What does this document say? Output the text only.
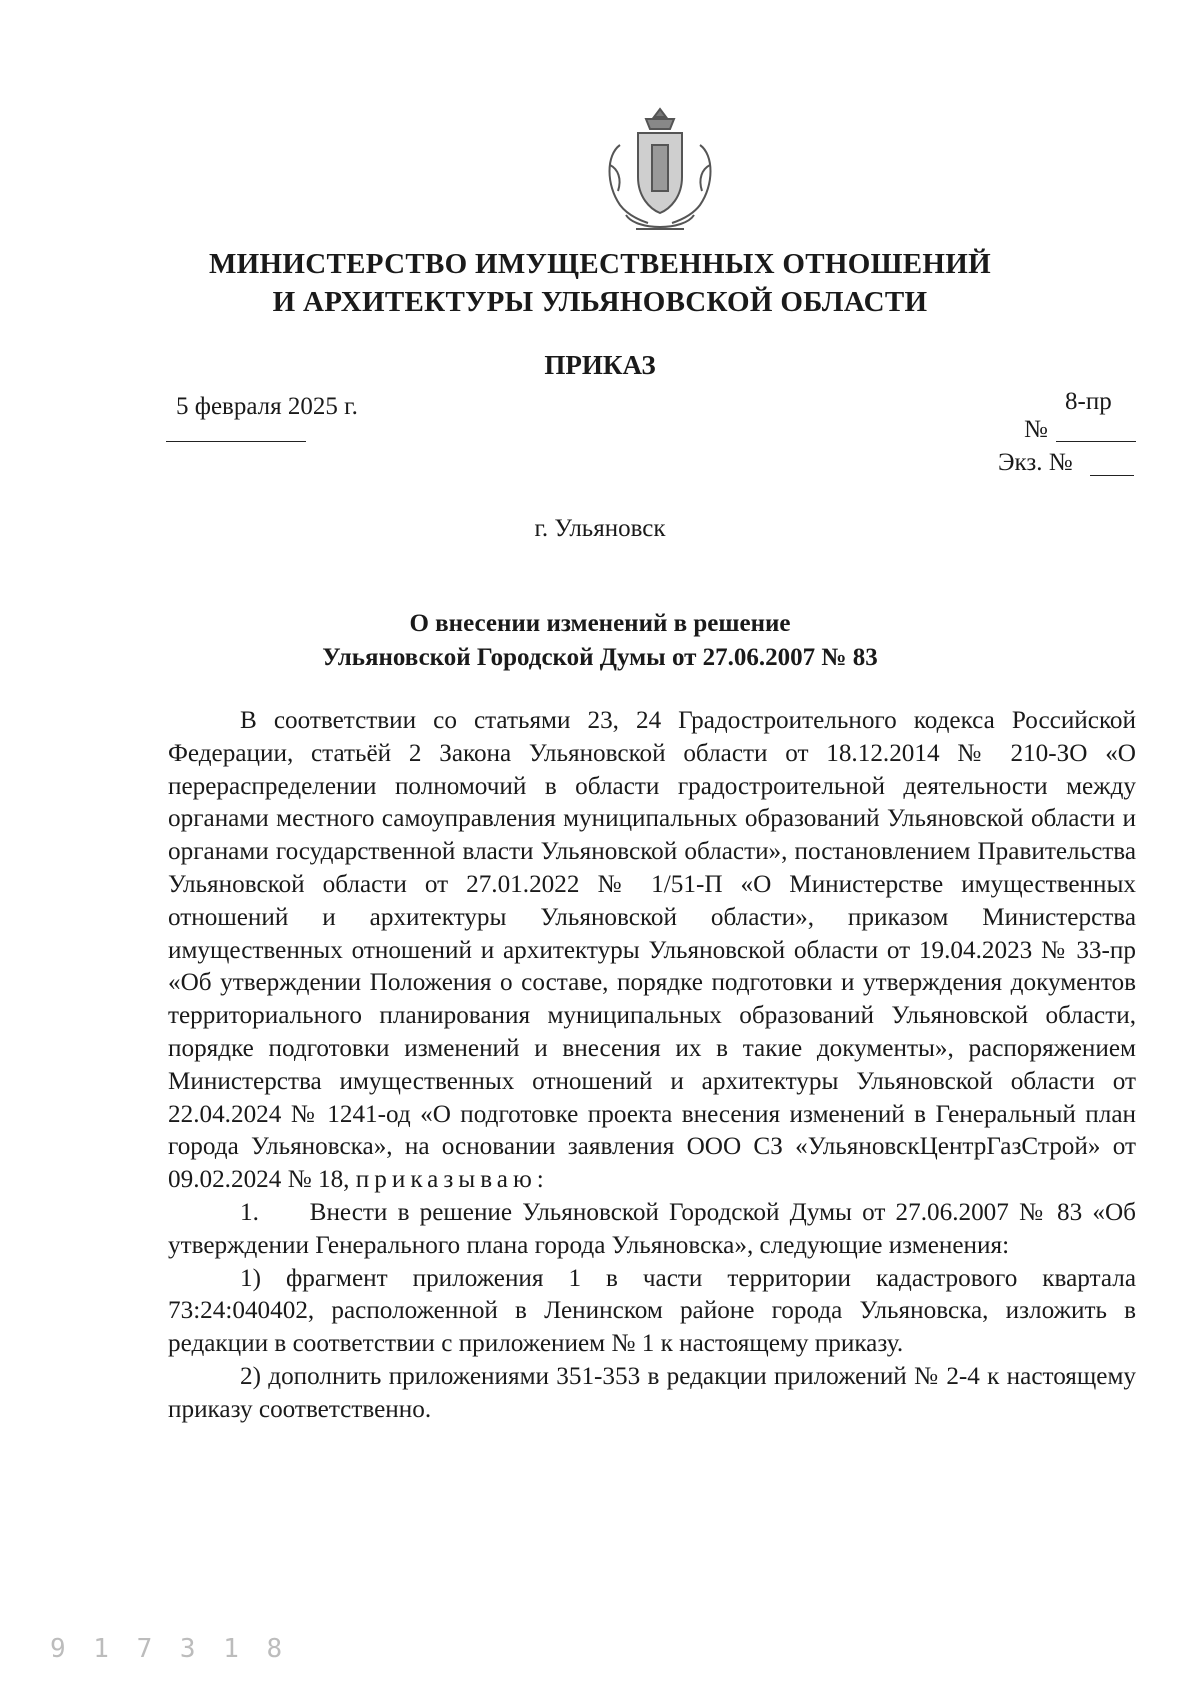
МИНИСТЕРСТВО ИМУЩЕСТВЕННЫХ ОТНОШЕНИЙ
И АРХИТЕКТУРЫ УЛЬЯНОВСКОЙ ОБЛАСТИ
ПРИКАЗ
5 февраля 2025 г.	8-пр
№
Экз. №
г. Ульяновск
О внесении изменений в решение
Ульяновской Городской Думы от 27.06.2007 № 83

В соответствии со статьями 23, 24 Градостроительного кодекса Российской Федерации, статьёй 2 Закона Ульяновской области от 18.12.2014 № 210-ЗО «О перераспределении полномочий в области градостроительной деятельности между органами местного самоуправления муниципальных образований Ульяновской области и органами государственной власти Ульяновской области», постановлением Правительства Ульяновской области от 27.01.2022 № 1/51-П «О Министерстве имущественных отношений и архитектуры Ульяновской области», приказом Министерства имущественных отношений и архитектуры Ульяновской области от 19.04.2023 № 33-пр «Об утверждении Положения о составе, порядке подготовки и утверждения документов территориального планирования муниципальных образований Ульяновской области, порядке подготовки изменений и внесения их в такие документы», распоряжением Министерства имущественных отношений и архитектуры Ульяновской области от 22.04.2024 № 1241-од «О подготовке проекта внесения изменений в Генеральный план города Ульяновска», на основании заявления ООО СЗ «УльяновскЦентрГазСтрой» от 09.02.2024 № 18, приказываю:

1.     Внести в решение Ульяновской Городской Думы от 27.06.2007 № 83 «Об утверждении Генерального плана города Ульяновска», следующие изменения:

1) фрагмент приложения 1 в части территории кадастрового квартала 73:24:040402, расположенной в Ленинском районе города Ульяновска, изложить в редакции в соответствии с приложением № 1 к настоящему приказу.

2) дополнить приложениями 351-353 в редакции приложений № 2-4 к настоящему приказу соответственно.

9 1 7 3 1 8
